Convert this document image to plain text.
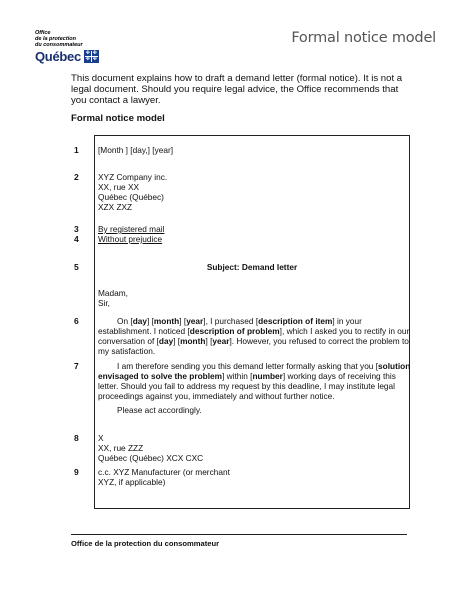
Office
de la protection
du consommateur
Québec ✤ ✤
✤ ✤
Formal notice model
This document explains how to draft a demand letter (formal notice). It is not a legal document. Should you require legal advice, the Office recommends that you contact a lawyer.
Formal notice model
1
2
3
4
5
6
7
8
9
[Month ] [day,] [year]

XYZ Company inc.

XX, rue XX

Québec (Québec)

XZX ZXZ

By registered mail

Without prejudice

Subject: Demand letter

Madam,

Sir,

On [day] [month] [year], I purchased [description of item] in your establishment. I noticed [description of problem], which I asked you to rectify in our conversation of [day] [month] [year]. However, you refused to correct the problem to my satisfaction.

I am therefore sending you this demand letter formally asking that you [solution envisaged to solve the problem] within [number] working days of receiving this letter. Should you fail to address my request by this deadline, I may institute legal proceedings against you, immediately and without further notice.

Please act accordingly.

X

XX, rue ZZZ

Québec (Québec) XCX CXC

c.c. XYZ Manufacturer (or merchant

XYZ, if applicable)

Office de la protection du consommateur
